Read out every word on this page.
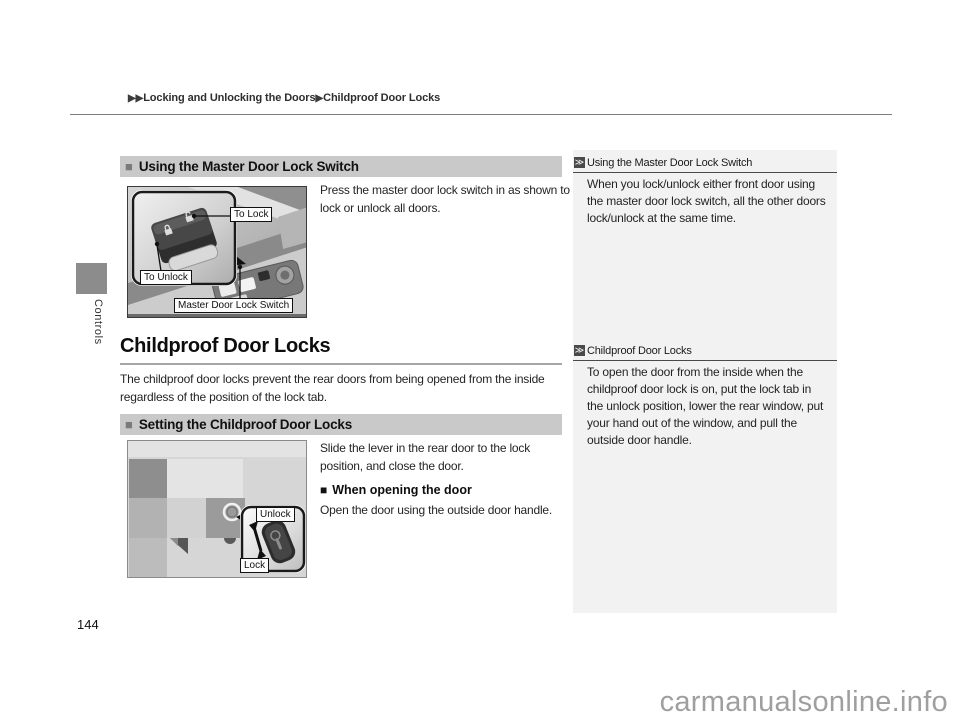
▶▶Locking and Unlocking the Doors▶Childproof Door Locks
Controls
■ Using the Master Door Lock Switch
To Lock
To Unlock
Master Door Lock Switch
Press the master door lock switch in as shown to lock or unlock all doors.
Childproof Door Locks
The childproof door locks prevent the rear doors from being opened from the inside regardless of the position of the lock tab.
■ Setting the Childproof Door Locks
Unlock
Lock
Slide the lever in the rear door to the lock position, and close the door.
■ When opening the door
Open the door using the outside door handle.
≫ Using the Master Door Lock Switch
When you lock/unlock either front door using the master door lock switch, all the other doors lock/unlock at the same time.
≫ Childproof Door Locks
To open the door from the inside when the childproof door lock is on, put the lock tab in the unlock position, lower the rear window, put your hand out of the window, and pull the outside door handle.
144
carmanualsonline.info
